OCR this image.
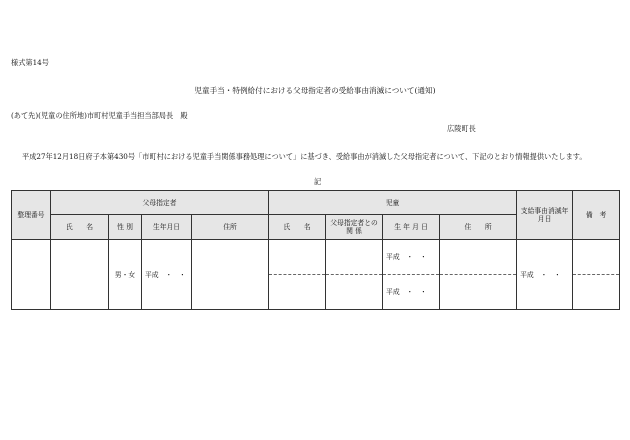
様式第14号
児童手当・特例給付における父母指定者の受給事由消滅について(通知)
(あて先)(児童の住所地)市町村児童手当担当部局長　殿
広陵町長
平成27年12月18日府子本第430号「市町村における児童手当関係事務処理について」に基づき、受給事由が消滅した父母指定者について、下記のとおり情報提供いたします。
記
整理番号	父母指定者				児童				支給事由消滅年月日	備　考
	氏　　名	性 別	生年月日	住所	氏　　名	父母指定者との 関 係	生 年 月 日	住　　所		
		男・女	平成　・　・				平成　・　・		平成　・　・	
							平成　・　・			
